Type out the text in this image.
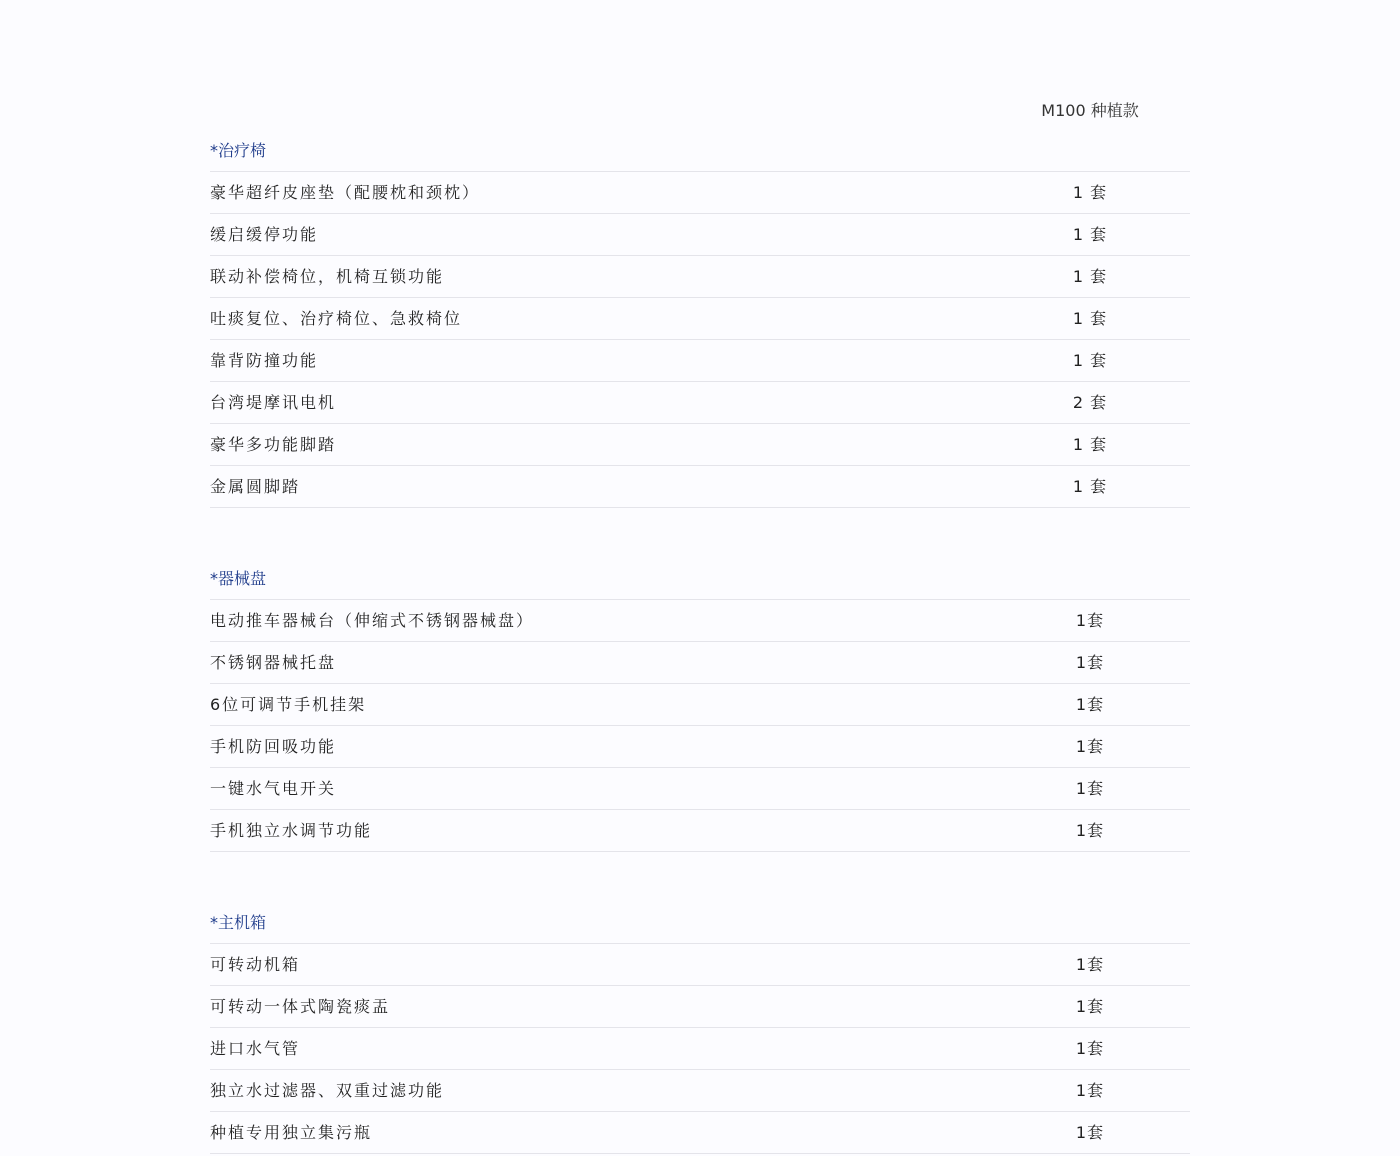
M100 种植款
*治疗椅
豪华超纤皮座垫（配腰枕和颈枕）	1 套
缓启缓停功能	1 套
联动补偿椅位，机椅互锁功能	1 套
吐痰复位、治疗椅位、急救椅位	1 套
靠背防撞功能	1 套
台湾堤摩讯电机	2 套
豪华多功能脚踏	1 套
金属圆脚踏	1 套
*器械盘
电动推车器械台（伸缩式不锈钢器械盘）	1套
不锈钢器械托盘	1套
6位可调节手机挂架	1套
手机防回吸功能	1套
一键水气电开关	1套
手机独立水调节功能	1套
*主机箱
可转动机箱	1套
可转动一体式陶瓷痰盂	1套
进口水气管	1套
独立水过滤器、双重过滤功能	1套
种植专用独立集污瓶	1套
